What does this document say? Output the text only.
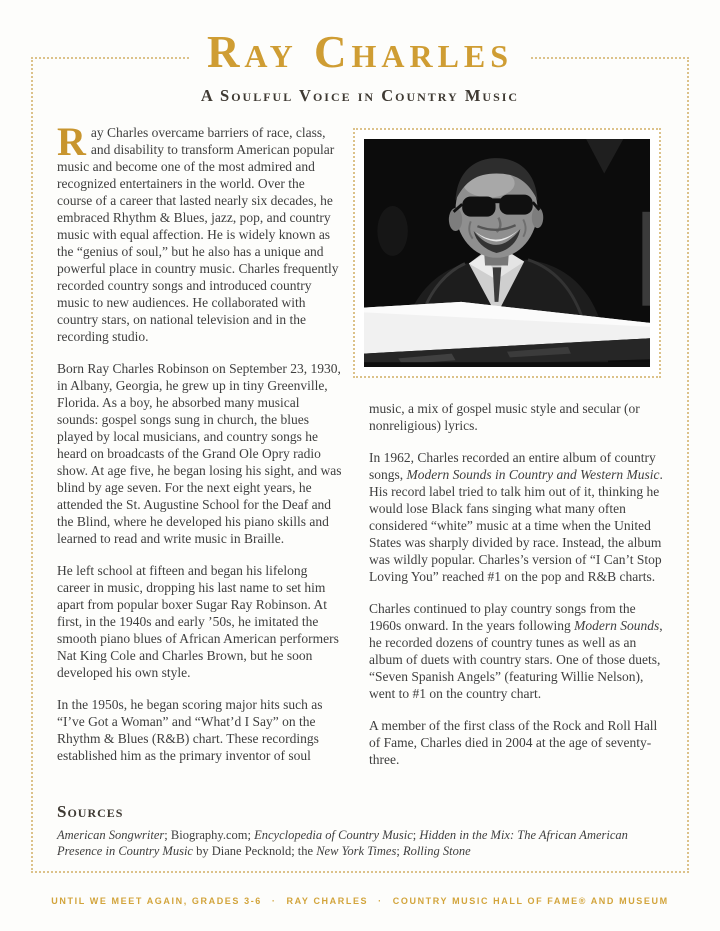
Ray Charles
A Soulful Voice in Country Music

Ray Charles overcame barriers of race, class, and disability to transform American popular music and become one of the most admired and recognized entertainers in the world. Over the course of a career that lasted nearly six decades, he embraced Rhythm & Blues, jazz, pop, and country music with equal affection. He is widely known as the “genius of soul,” but he also has a unique and powerful place in country music. Charles frequently recorded country songs and introduced country music to new audiences. He collaborated with country stars, on national television and in the recording studio.

Born Ray Charles Robinson on September 23, 1930, in Albany, Georgia, he grew up in tiny Greenville, Florida. As a boy, he absorbed many musical sounds: gospel songs sung in church, the blues played by local musicians, and country songs he heard on broadcasts of the Grand Ole Opry radio show. At age five, he began losing his sight, and was blind by age seven. For the next eight years, he attended the St. Augustine School for the Deaf and the Blind, where he developed his piano skills and learned to read and write music in Braille.

He left school at fifteen and began his lifelong career in music, dropping his last name to set him apart from popular boxer Sugar Ray Robinson. At first, in the 1940s and early ’50s, he imitated the smooth piano blues of African American performers Nat King Cole and Charles Brown, but he soon developed his own style.

In the 1950s, he began scoring major hits such as “I’ve Got a Woman” and “What’d I Say” on the Rhythm & Blues (R&B) chart. These recordings established him as the primary inventor of soul

music, a mix of gospel music style and secular (or nonreligious) lyrics.

In 1962, Charles recorded an entire album of country songs, Modern Sounds in Country and Western Music. His record label tried to talk him out of it, thinking he would lose Black fans singing what many often considered “white” music at a time when the United States was sharply divided by race. Instead, the album was wildly popular. Charles’s version of “I Can’t Stop Loving You” reached #1 on the pop and R&B charts.

Charles continued to play country songs from the 1960s onward. In the years following Modern Sounds, he recorded dozens of country tunes as well as an album of duets with country stars. One of those duets, “Seven Spanish Angels” (featuring Willie Nelson), went to #1 on the country chart.

A member of the first class of the Rock and Roll Hall of Fame, Charles died in 2004 at the age of seventy-three.

Sources

American Songwriter; Biography.com; Encyclopedia of Country Music; Hidden in the Mix: The African American Presence in Country Music by Diane Pecknold; the New York Times; Rolling Stone

UNTIL WE MEET AGAIN, GRADES 3-6 · RAY CHARLES · COUNTRY MUSIC HALL OF FAME® AND MUSEUM
